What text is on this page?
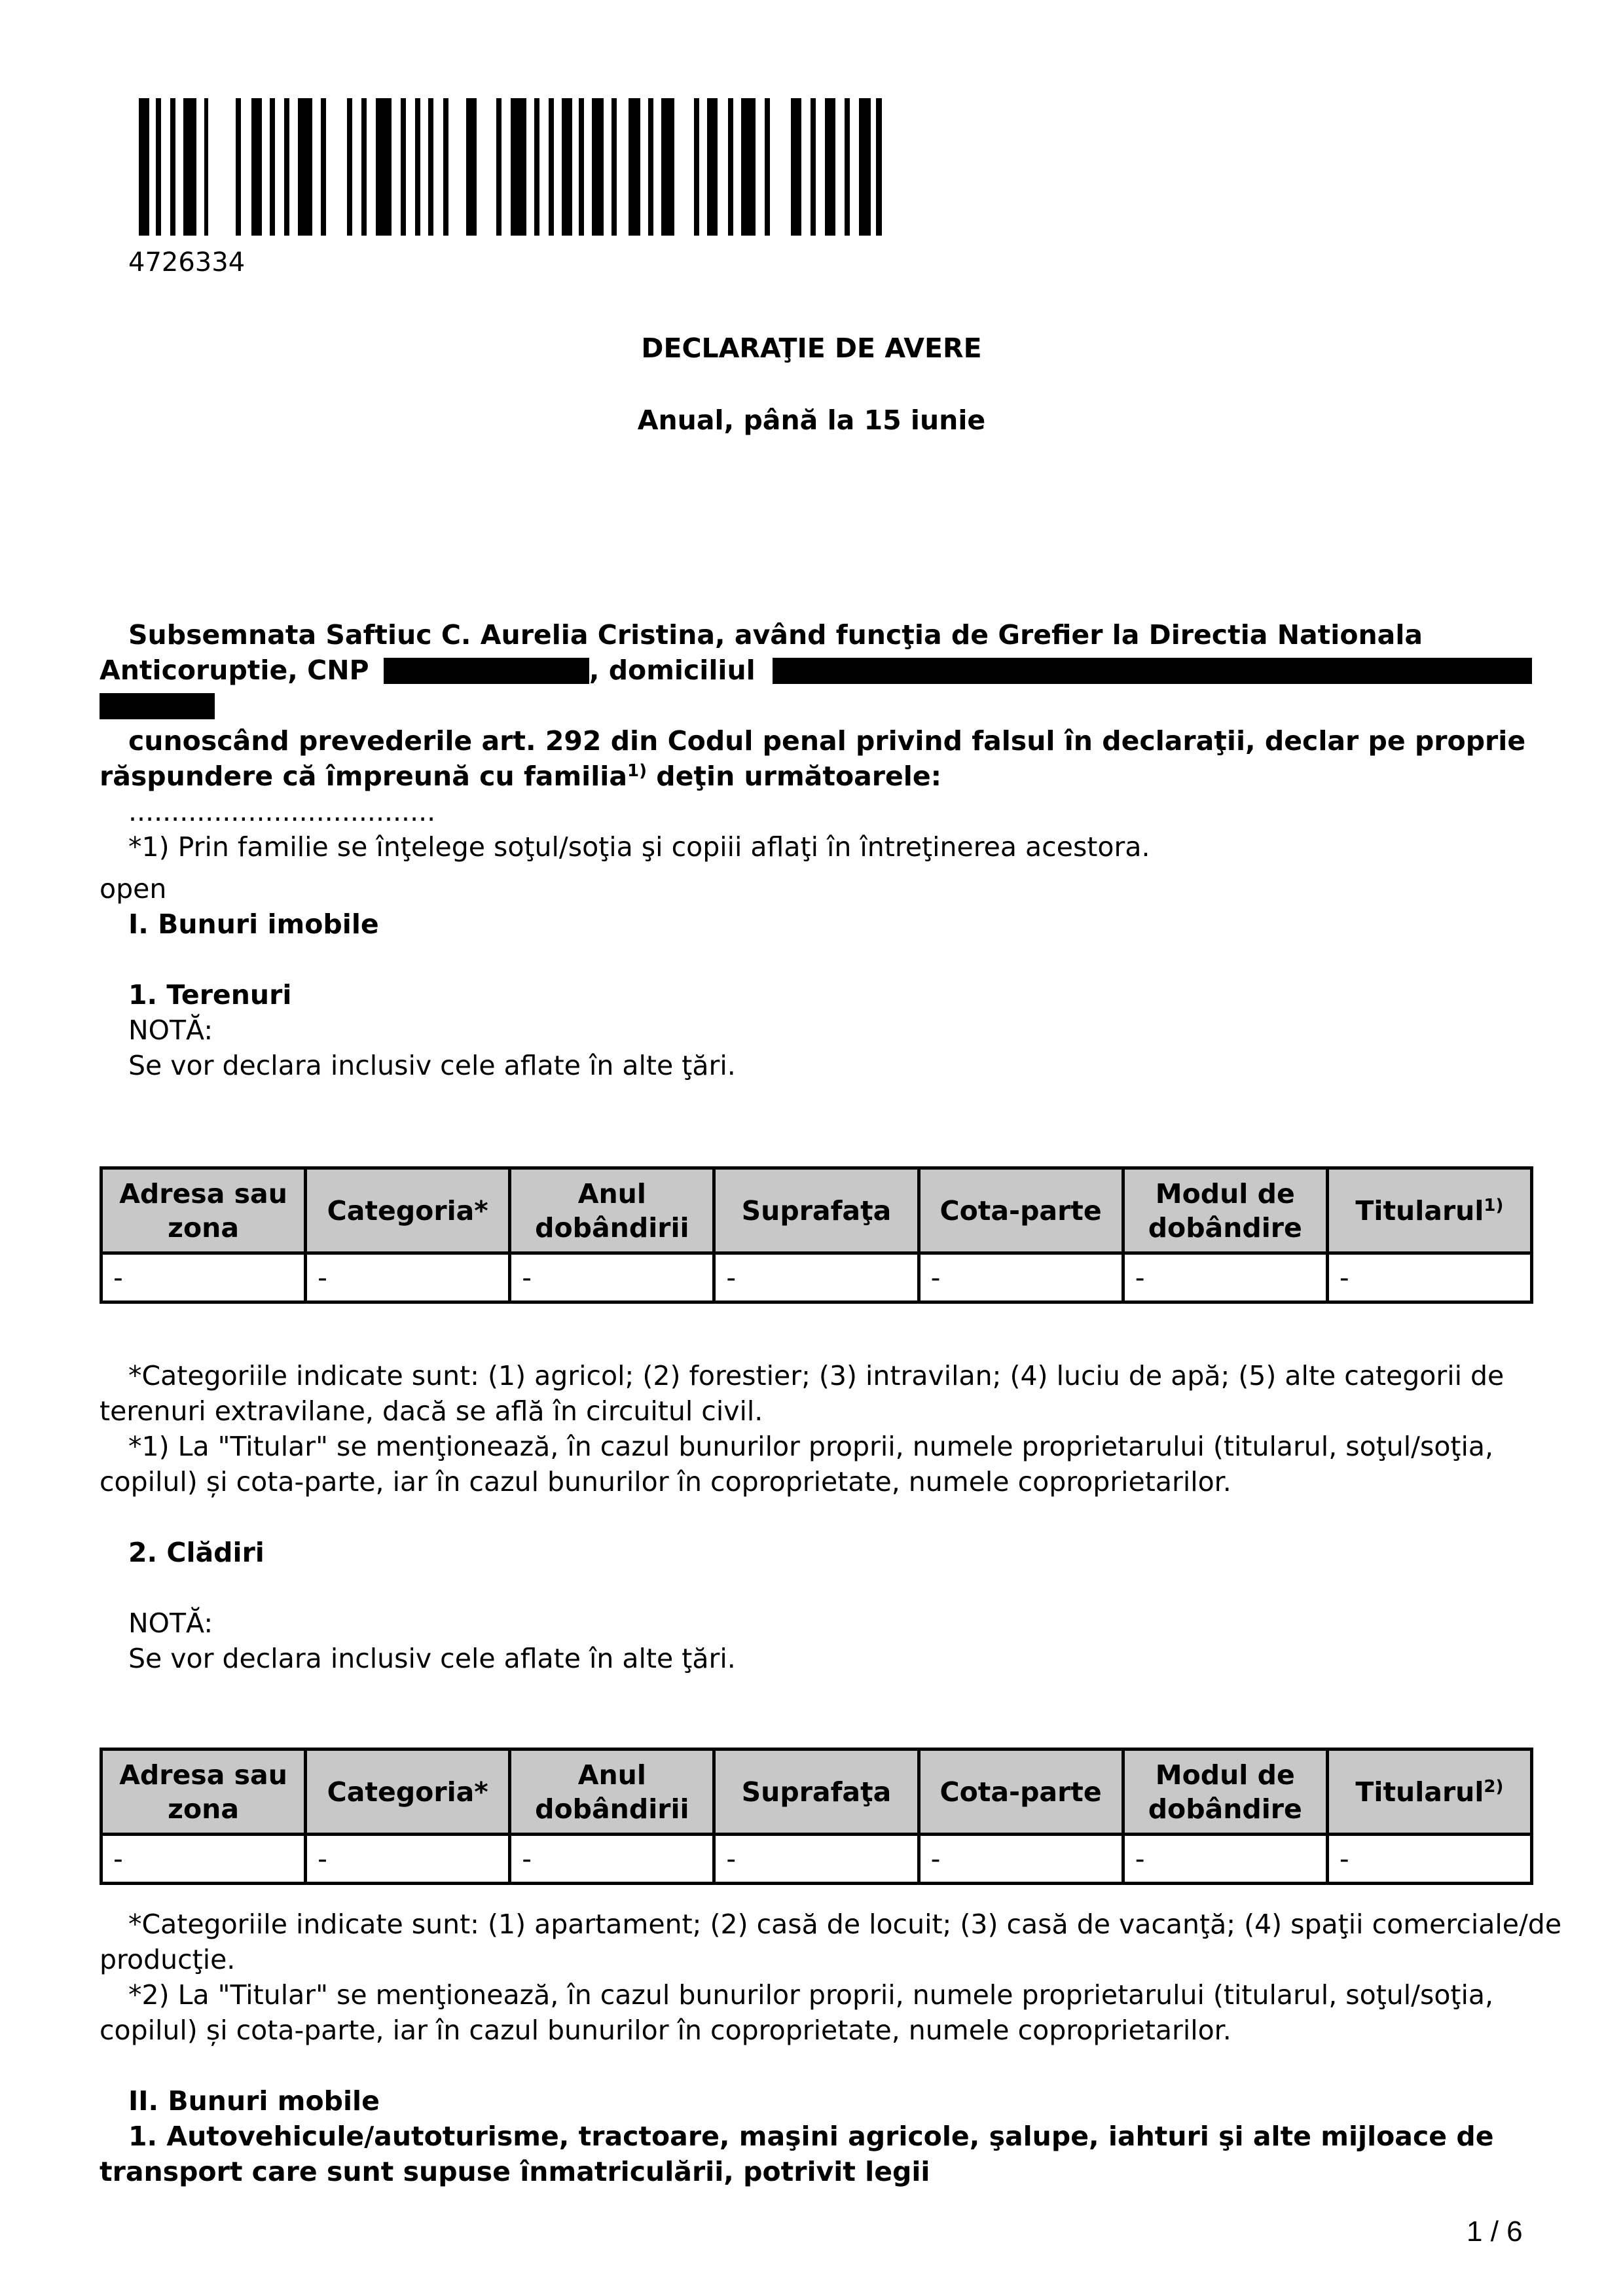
4726334
DECLARAŢIE DE AVERE
Anual, până la 15 iunie
Subsemnata Saftiuc C. Aurelia Cristina, având funcţia de Grefier la Directia Nationala
Anticoruptie, CNP	, domiciliul
cunoscând prevederile art. 292 din Codul penal privind falsul în declaraţii, declar pe proprie
răspundere că împreună cu familia$^{1)}$ deţin următoarele:
....................................
*1) Prin familie se înţelege soţul/soţia şi copiii aflaţi în întreţinerea acestora.
open
I. Bunuri imobile
1. Terenuri
NOTĂ:
Se vor declara inclusiv cele aflate în alte ţări.
Adresa sau zona	Categoria*	Anul dobândirii	Suprafaţa	Cota-parte	Modul de dobândire	Titularul$^{1)}$
-	-	-	-	-	-	-
*Categoriile indicate sunt: (1) agricol; (2) forestier; (3) intravilan; (4) luciu de apă; (5) alte categorii de
terenuri extravilane, dacă se află în circuitul civil.
*1) La "Titular" se menţionează, în cazul bunurilor proprii, numele proprietarului (titularul, soţul/soţia,
copilul) și cota-parte, iar în cazul bunurilor în coproprietate, numele coproprietarilor.
2. Clădiri
NOTĂ:
Se vor declara inclusiv cele aflate în alte ţări.
Adresa sau zona	Categoria*	Anul dobândirii	Suprafaţa	Cota-parte	Modul de dobândire	Titularul$^{2)}$
-	-	-	-	-	-	-
*Categoriile indicate sunt: (1) apartament; (2) casă de locuit; (3) casă de vacanţă; (4) spaţii comerciale/de
producţie.
*2) La "Titular" se menţionează, în cazul bunurilor proprii, numele proprietarului (titularul, soţul/soţia,
copilul) și cota-parte, iar în cazul bunurilor în coproprietate, numele coproprietarilor.
II. Bunuri mobile
1. Autovehicule/autoturisme, tractoare, maşini agricole, şalupe, iahturi şi alte mijloace de
transport care sunt supuse înmatriculării, potrivit legii
1 / 6
